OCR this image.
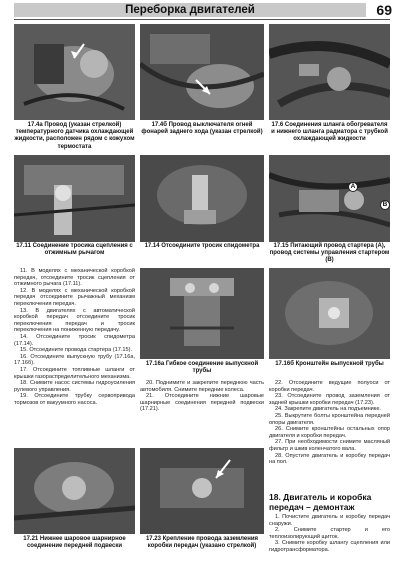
Переборка двигателей	69
17.4а Провод (указан стрелкой) температурного датчика охлаждающей жидкости, расположен рядом с кожухом термостата
17.4б Провод выключателя огней фонарей заднего хода (указан стрелкой)
17.6 Соединения шланга обогревателя и нижнего шланга радиатора с трубкой охлаждающей жидкости
A
B
17.11 Соединение тросика сцепления с отжимным рычагом
17.14 Отсоедините тросик спидометра	17.15 Питающий провод стартера (А), провод системы управления стартером (В)

11. В моделях с механической коробкой передач, отсоедините тросик сцепления от отжимного рычага (17.11).

12. В моделях с механической коробкой передач отсоедините рычажный механизм переключения передач.

13. В двигателях с автоматической коробкой передач отсоедините тросик переключения передач и тросик переключения на пониженную передачу.

14. Отсоедините тросик спидометра (17.14).

15. Отсоедините провода стартера (17.15).

16. Отсоедините выпускную трубу (17.16а, 17.16б).

17. Отсоедините топливные шланги от крышки газораспределительного механизма.

18. Снимите насос системы гидроусиления рулевого управления.

19. Отсоедините трубку сервопривода тормозов от вакуумного насоса.

17.16а Гибкое соединение выпускной трубы
17.16б Кронштейн выпускной трубы

20. Поднимите и закрепите переднюю часть автомобиля. Снимите передние колеса.

21. Отсоедините нижние шаровые шарнирные соединения передней подвески (17.21).

22. Отсоедините ведущие полуоси от коробки передач.

23. Отсоедините провод заземления от задней крышки коробки передач (17.23).

24. Закрепите двигатель на подъемнике.

25. Выкрутите болты кронштейна передней опоры двигателя.

26. Снимите кронштейны остальных опор двигателя и коробки передач.

27. При необходимости снимите масляный фильтр и шкив коленчатого вала.

28. Опустите двигатель и коробку передач на пол.

17.21 Нижнее шаровое шарнирное соединение передней подвески
17.23 Крепление провода заземления коробки передач (указано стрелкой)
18. Двигатель и коробка передач – демонтаж

1. Почистите двигатель и коробку передач снаружи.

2. Снимите стартер и его теплоизолирующий щиток.

3. Снимите коробку шлангу сцепления или гидротрансформатора.
